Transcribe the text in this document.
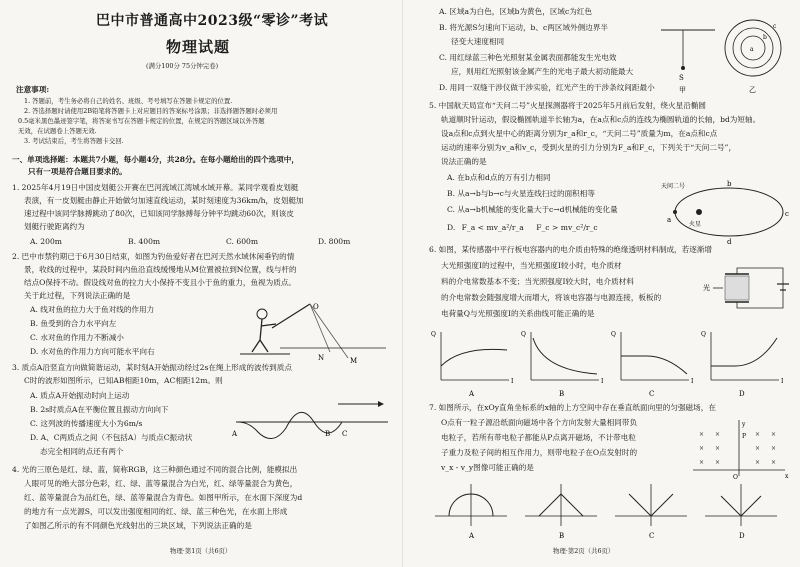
巴中市普通高中2023级“零诊”考试
物理试题
(满分100分 75分钟完卷)
注意事项:
1. 答题前，考生务必将自己的姓名、班级、考号填写在答题卡规定的位置.
2. 答选择题时请使用2B铅笔将答题卡上对应题目的答案标号涂黑；非选择题答题时必须用
0.5毫米黑色墨迹签字笔，将答案书写在答题卡规定的位置，在规定的答题区域以外答题
无效，在试题卷上答题无效.
3. 考试结束后，考生将答题卡交回.
一、单项选择题：本题共7小题，每小题4分，共28分。在每小题给出的四个选项中，
只有一项是符合题目要求的。
1. 2025年4月19日中国皮划艇公开赛在巴河流域江湾城水域开幕。某同学观看皮划艇
表演，有一皮划艇由静止开始做匀加速直线运动，某时刻速度为36km/h，皮划艇加
速过程中该同学脉搏跳动了80次，已知该同学脉搏每分钟平均跳动60次，则该皮
划艇行驶距离约为
A. 200m	B. 400m	C. 600m	D. 800m
2. 巴中市禁钓期已于6月30日结束，如图为钓鱼爱好者在巴河天然水域休闲垂钓的情
景，收线的过程中，某段时间内鱼沿直线缓慢地从M位置被拉到N位置，线与杆的
结点O保持不动。假设线对鱼的拉力大小保持不变且小于鱼的重力，鱼视为质点。
关于此过程，下列说法正确的是
A. 线对鱼的拉力大于鱼对线的作用力
B. 鱼受到的合力水平向左
C. 水对鱼的作用力不断减小
D. 水对鱼的作用力方向可能水平向右
O
N	M
3. 质点A沿竖直方向做简谐运动，某时刻A开始振动经过2s在绳上形成的波传到质点
C时的波形如图所示，已知AB相距10m，AC相距12m。则
A. 质点A开始振动时向上运动
B. 2s时质点A在平衡位置且振动方向向下
C. 这列波的传播速度大小为6m/s
D. A、C两质点之间（不包括A）与质点C振动状
态完全相同的点还有两个
A	B C
4. 光的三原色是红、绿、蓝，简称RGB，这三种颜色通过不同的混合比例，能模拟出
人眼可见的绝大部分色彩，红、绿、蓝等量混合为白光，红、绿等量混合为黄色，
红、蓝等量混合为品红色，绿、蓝等量混合为青色。如图甲所示，在水面下深度为d
的地方有一点光源S，可以发出强度相同的红、绿、蓝三种色光，在水面上形成
了如图乙所示的有不同颜色光线射出的三块区域，下列说法正确的是
物理·第1页（共6页）
A. 区域a为白色，区域b为黄色，区域c为红色
B. 将光源S匀速向下运动，b、c两区域外侧边界半
径变大速度相同
C. 用红绿蓝三种色光照射某金属表面都能发生光电效
应，则用红光照射该金属产生的光电子最大初动能最大
D. 用同一双缝干涉仪做干涉实验，红光产生的干涉条纹间距最小
S
甲
a
b
c
乙
5. 中国航天局宣布“天问二号”火星探测器将于2025年5月前后发射，绕火星沿椭圆
轨道顺时针运动，假设椭圆轨道半长轴为a，在a点和c点的连线为椭圆轨道的长轴，bd为短轴。
设a点和c点到火星中心的距离分别为r_a和r_c，“天问二号”质量为m，在a点和c点
运动的速率分别为v_a和v_c，受到火星的引力分别为F_a和F_c，下列关于“天问二号”，
说法正确的是
A. 在b点和d点的万有引力相同
B. 从a→b与b→c与火星连线扫过的面积相等
C. 从a→b机械能的变化量大于c→d机械能的变化量
D. F_a < mv_a²/r_a F_c > mv_c²/r_c
天问二号
a
b
c
d
火星
6. 如图，某传感器中平行板电容器内的电介质由特殊的绝缘透明材料制成，若逐渐增
大光照强度I的过程中，当光照强度I较小时，电介质材
料的介电常数基本不变；当光照强度I较大时，电介质材料
的介电常数会随强度增大而增大，将该电容器与电源连接，板板的
电荷量Q与光照强度I的关系曲线可能正确的是
光
Q
I
A
Q
I
B
Q
I
C
Q
I
D
7. 如图所示，在xOy直角坐标系的x轴的上方空间中存在垂直纸面向里的匀强磁场，在
O点有一粒子源沿纸面向磁场中各个方向发射大量相同带负
电粒子，若所有带电粒子都能从P点离开磁场，不计带电粒
子重力及粒子间的相互作用力，则带电粒子在O点发射时的
v_x - v_y图像可能正确的是
x
y
O
P
× ×	× ×
× ×	× ×
× ×	× ×
A	B	C	D
物理·第2页（共6页）
